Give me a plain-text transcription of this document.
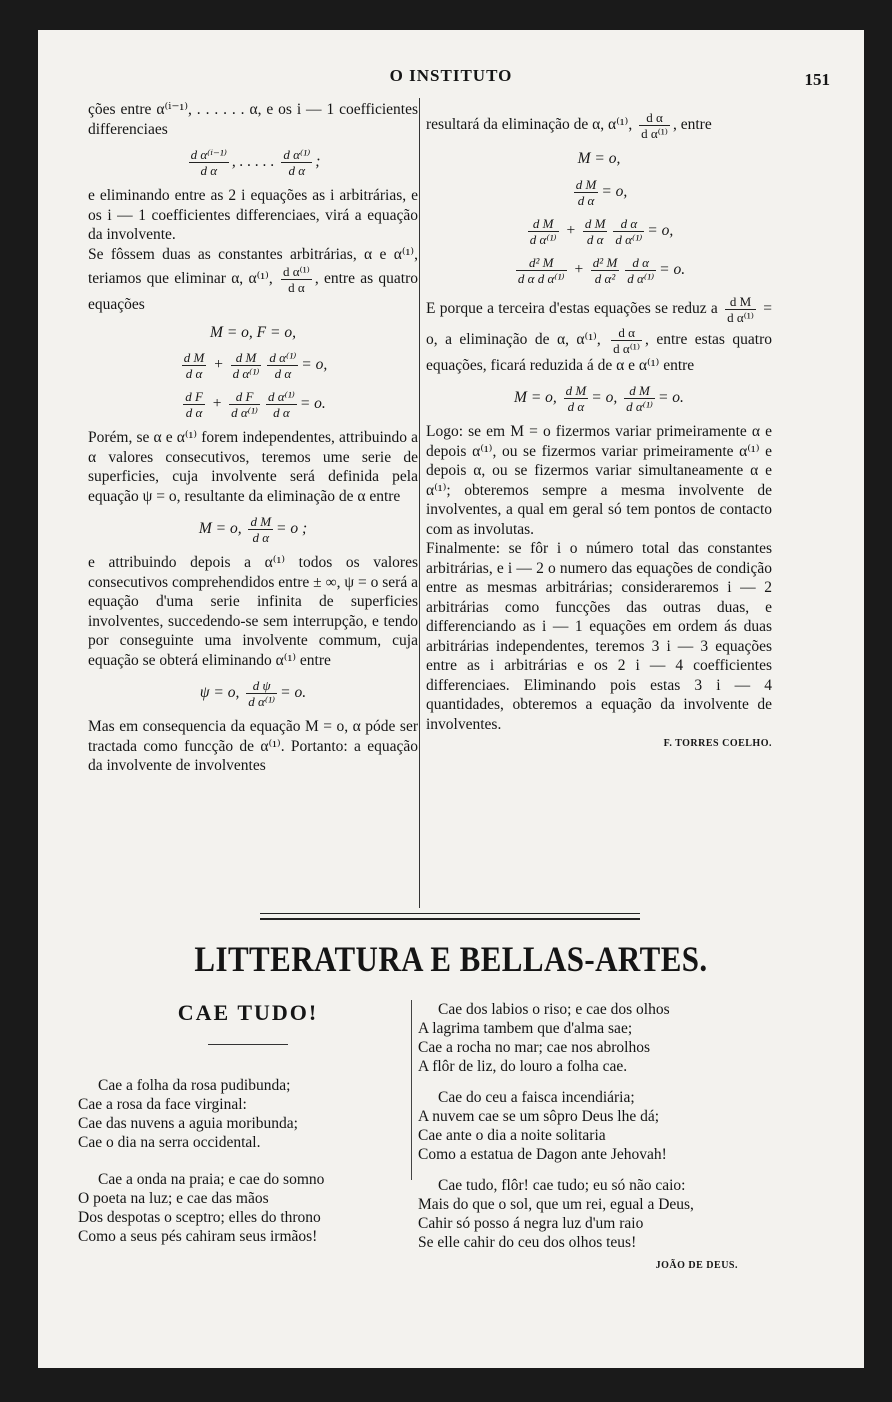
O INSTITUTO	151

ções entre α⁽ⁱ⁻¹⁾, . . . . . . α, e os i — 1 coefficientes differenciaes

$\frac{\text{d α⁽ⁱ⁻¹⁾}}{\text{d α}}$ , . . . . . $\frac{\text{d α⁽¹⁾}}{\text{d α}}$ ;

e eliminando entre as 2 i equações as i arbitrárias, e os i — 1 coefficientes differenciaes, virá a equação da involvente.

Se fôssem duas as constantes arbitrárias, α e α⁽¹⁾, teriamos que eliminar α, α⁽¹⁾, $\frac{\text{d α⁽¹⁾}}{\text{d α}}$ , entre as quatro equações

M = o, F = o,
$\frac{\text{d M}}{\text{d α}} + \frac{\text{d M}}{\text{d α⁽¹⁾}} \frac{\text{d α⁽¹⁾}}{\text{d α}} = o$,
$\frac{\text{d F}}{\text{d α}} + \frac{\text{d F}}{\text{d α⁽¹⁾}} \frac{\text{d α⁽¹⁾}}{\text{d α}} = o$.

Porém, se α e α⁽¹⁾ forem independentes, attribuindo a α valores consecutivos, teremos ume serie de superficies, cuja involvente será definida pela equação ψ = o, resultante da eliminação de α entre

M = o, $\frac{\text{d M}}{\text{d α}} = o$ ;

e attribuindo depois a α⁽¹⁾ todos os valores consecutivos comprehendidos entre ± ∞, ψ = o será a equação d'uma serie infinita de superficies involventes, succedendo-se sem interrupção, e tendo por conseguinte uma involvente commum, cuja equação se obterá eliminando α⁽¹⁾ entre

ψ = o, $\frac{\text{d ψ}}{\text{d α⁽¹⁾}} = o$.

Mas em consequencia da equação M = o, α póde ser tractada como funcção de α⁽¹⁾. Portanto: a equação da involvente de involventes

resultará da eliminação de α, α⁽¹⁾, $\frac{\text{d α}}{\text{d α⁽¹⁾}}$ , entre

M = o,
$\frac{\text{d M}}{\text{d α}} = o$,
$\frac{\text{d M}}{\text{d α⁽¹⁾}} + \frac{\text{d M}}{\text{d α}} \frac{\text{d α}}{\text{d α⁽¹⁾}} = o$,
$\frac{\text{d² M}}{\text{d α d α⁽¹⁾}} + \frac{\text{d² M}}{\text{d α²}} \frac{\text{d α}}{\text{d α⁽¹⁾}} = o$.

E porque a terceira d'estas equações se reduz a $\frac{\text{d M}}{\text{d α⁽¹⁾}} = o$, a eliminação de α, α⁽¹⁾, $\frac{\text{d α}}{\text{d α⁽¹⁾}}$ , entre estas quatro equações, ficará reduzida á de α e α⁽¹⁾ entre

M = o, $\frac{\text{d M}}{\text{d α}} = o$, $\frac{\text{d M}}{\text{d α⁽¹⁾}} = o$.

Logo: se em M = o fizermos variar primeiramente α e depois α⁽¹⁾, ou se fizermos variar primeiramente α⁽¹⁾ e depois α, ou se fizermos variar simultaneamente α e α⁽¹⁾; obteremos sempre a mesma involvente de involventes, a qual em geral só tem pontos de contacto com as involutas.

Finalmente: se fôr i o número total das constantes arbitrárias, e i — 2 o numero das equações de condição entre as mesmas arbitrárias; consideraremos i — 2 arbitrárias como funcções das outras duas, e differenciando as i — 1 equações em ordem ás duas arbitrárias independentes, teremos 3 i — 3 equações entre as i arbitrárias e os 2 i — 4 coefficientes differenciaes. Eliminando pois estas 3 i — 4 quantidades, obteremos a equação da involvente de involventes.

F. TORRES COELHO.
LITTERATURA E BELLAS-ARTES.
CAE TUDO!
Cae a folha da rosa pudibunda;
Cae a rosa da face virginal:
Cae das nuvens a aguia moribunda;
Cae o dia na serra occidental.
Cae a onda na praia; e cae do somno
O poeta na luz; e cae das mãos
Dos despotas o sceptro; elles do throno
Como a seus pés cahiram seus irmãos!
Cae dos labios o riso; e cae dos olhos
A lagrima tambem que d'alma sae;
Cae a rocha no mar; cae nos abrolhos
A flôr de liz, do louro a folha cae.
Cae do ceu a faisca incendiária;
A nuvem cae se um sôpro Deus lhe dá;
Cae ante o dia a noite solitaria
Como a estatua de Dagon ante Jehovah!
Cae tudo, flôr! cae tudo; eu só não caio:
Mais do que o sol, que um rei, egual a Deus,
Cahir só posso á negra luz d'um raio
Se elle cahir do ceu dos olhos teus!
JOÃO DE DEUS.
